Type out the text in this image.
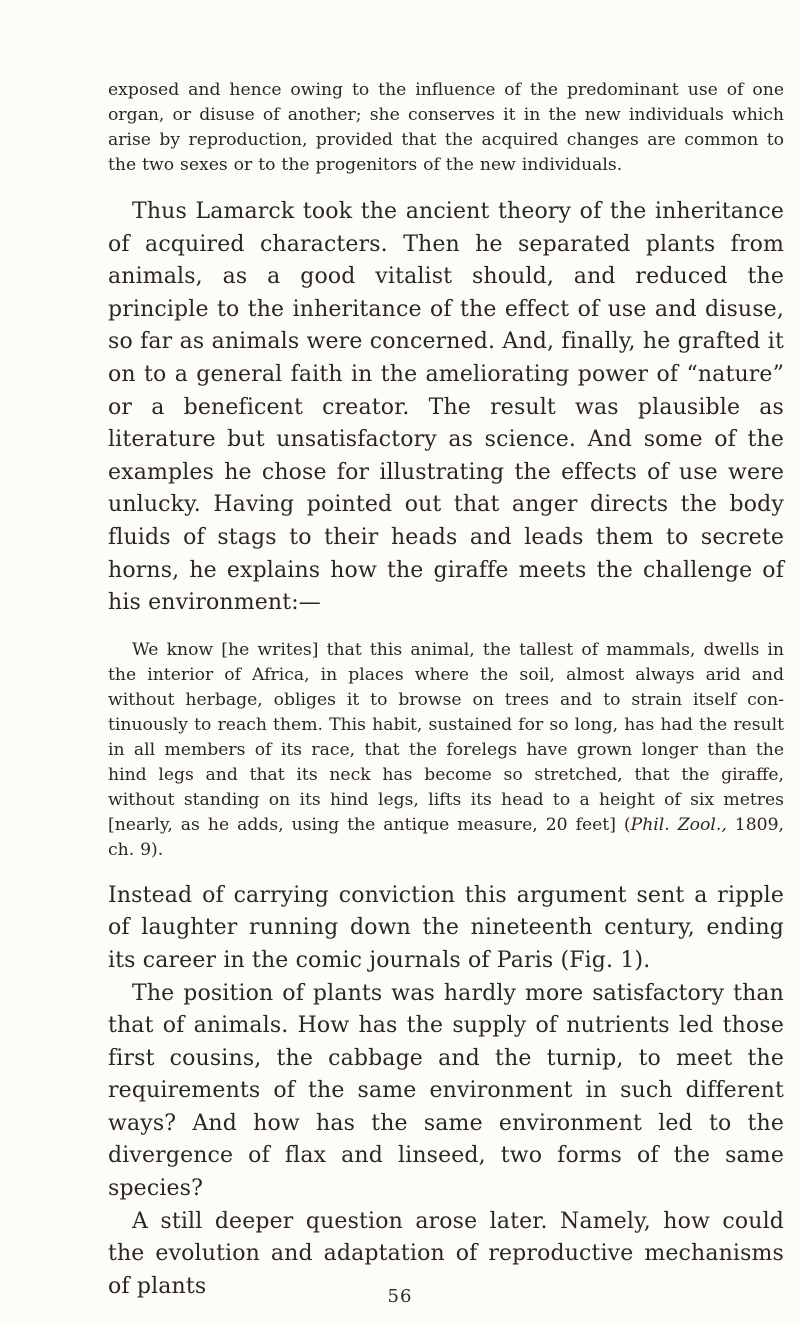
exposed and hence owing to the influence of the predominant use of one organ, or disuse of another; she conserves it in the new individuals which arise by reproduction, provided that the acquired changes are common to the two sexes or to the progenitors of the new individuals.

Thus Lamarck took the ancient theory of the inheritance of acquired characters. Then he separated plants from animals, as a good vitalist should, and reduced the principle to the inheritance of the effect of use and disuse, so far as animals were concerned. And, finally, he grafted it on to a general faith in the ameliorating power of “nature” or a beneficent creator. The result was plausible as literature but unsatisfactory as science. And some of the examples he chose for illustrating the effects of use were unlucky. Having pointed out that anger directs the body fluids of stags to their heads and leads them to secrete horns, he explains how the giraffe meets the challenge of his environment:—

We know [he writes] that this animal, the tallest of mammals, dwells in the interior of Africa, in places where the soil, almost always arid and without herbage, obliges it to browse on trees and to strain itself continuously to reach them. This habit, sustained for so long, has had the result in all members of its race, that the forelegs have grown longer than the hind legs and that its neck has become so stretched, that the giraffe, without standing on its hind legs, lifts its head to a height of six metres [nearly, as he adds, using the antique measure, 20 feet] (Phil. Zool., 1809, ch. 9).

Instead of carrying conviction this argument sent a ripple of laughter running down the nineteenth century, ending its career in the comic journals of Paris (Fig. 1).

The position of plants was hardly more satisfactory than that of animals. How has the supply of nutrients led those first cousins, the cabbage and the turnip, to meet the requirements of the same environment in such different ways? And how has the same environment led to the divergence of flax and linseed, two forms of the same species?

A still deeper question arose later. Namely, how could the evolution and adaptation of reproductive mechanisms of plants	56
